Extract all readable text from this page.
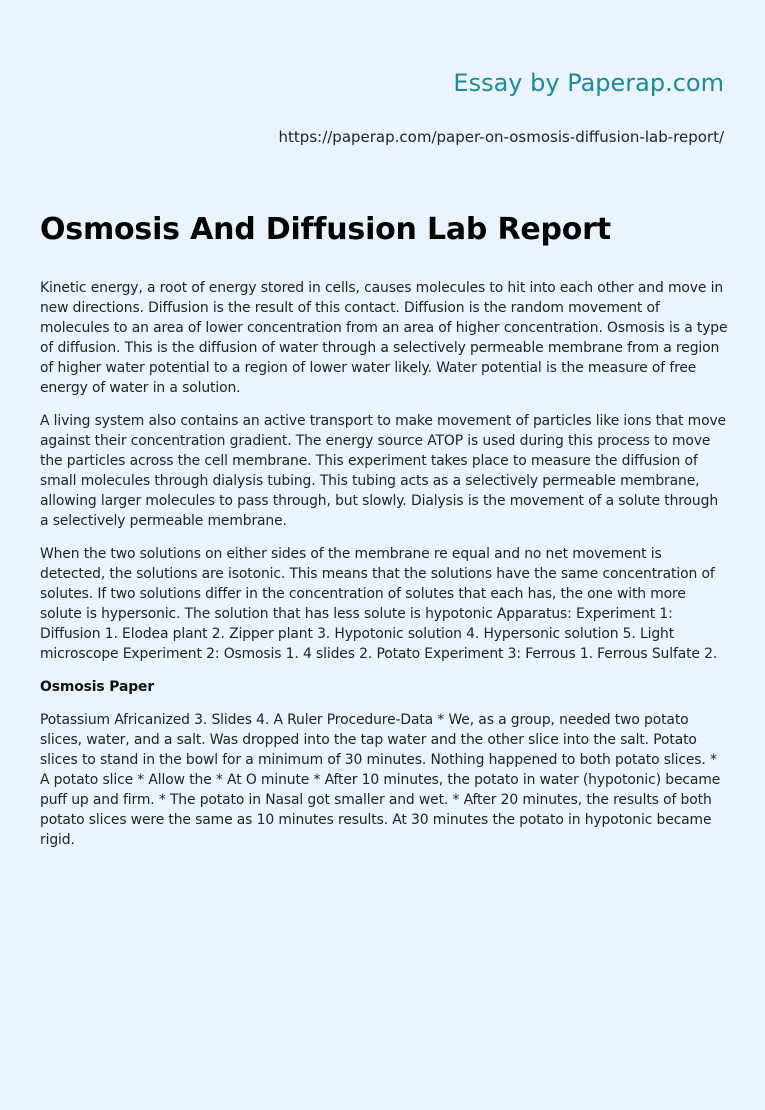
Essay by Paperap.com
https://paperap.com/paper-on-osmosis-diffusion-lab-report/
Osmosis And Diffusion Lab Report

Kinetic energy, a root of energy stored in cells, causes molecules to hit into each other and move in new directions. Diffusion is the result of this contact. Diffusion is the random movement of molecules to an area of lower concentration from an area of higher concentration. Osmosis is a type of diffusion. This is the diffusion of water through a selectively permeable membrane from a region of higher water potential to a region of lower water likely. Water potential is the measure of free energy of water in a solution.

A living system also contains an active transport to make movement of particles like ions that move against their concentration gradient. The energy source ATOP is used during this process to move the particles across the cell membrane. This experiment takes place to measure the diffusion of small molecules through dialysis tubing. This tubing acts as a selectively permeable membrane, allowing larger molecules to pass through, but slowly. Dialysis is the movement of a solute through a selectively permeable membrane.

When the two solutions on either sides of the membrane re equal and no net movement is detected, the solutions are isotonic. This means that the solutions have the same concentration of solutes. If two solutions differ in the concentration of solutes that each has, the one with more solute is hypersonic. The solution that has less solute is hypotonic Apparatus: Experiment 1: Diffusion 1. Elodea plant 2. Zipper plant 3. Hypotonic solution 4. Hypersonic solution 5. Light microscope Experiment 2: Osmosis 1. 4 slides 2. Potato Experiment 3: Ferrous 1. Ferrous Sulfate 2.

Osmosis Paper

Potassium Africanized 3. Slides 4. A Ruler Procedure-Data * We, as a group, needed two potato slices, water, and a salt. Was dropped into the tap water and the other slice into the salt. Potato slices to stand in the bowl for a minimum of 30 minutes. Nothing happened to both potato slices. * A potato slice * Allow the * At O minute * After 10 minutes, the potato in water (hypotonic) became puff up and firm. * The potato in Nasal got smaller and wet. * After 20 minutes, the results of both potato slices were the same as 10 minutes results. At 30 minutes the potato in hypotonic became rigid.
